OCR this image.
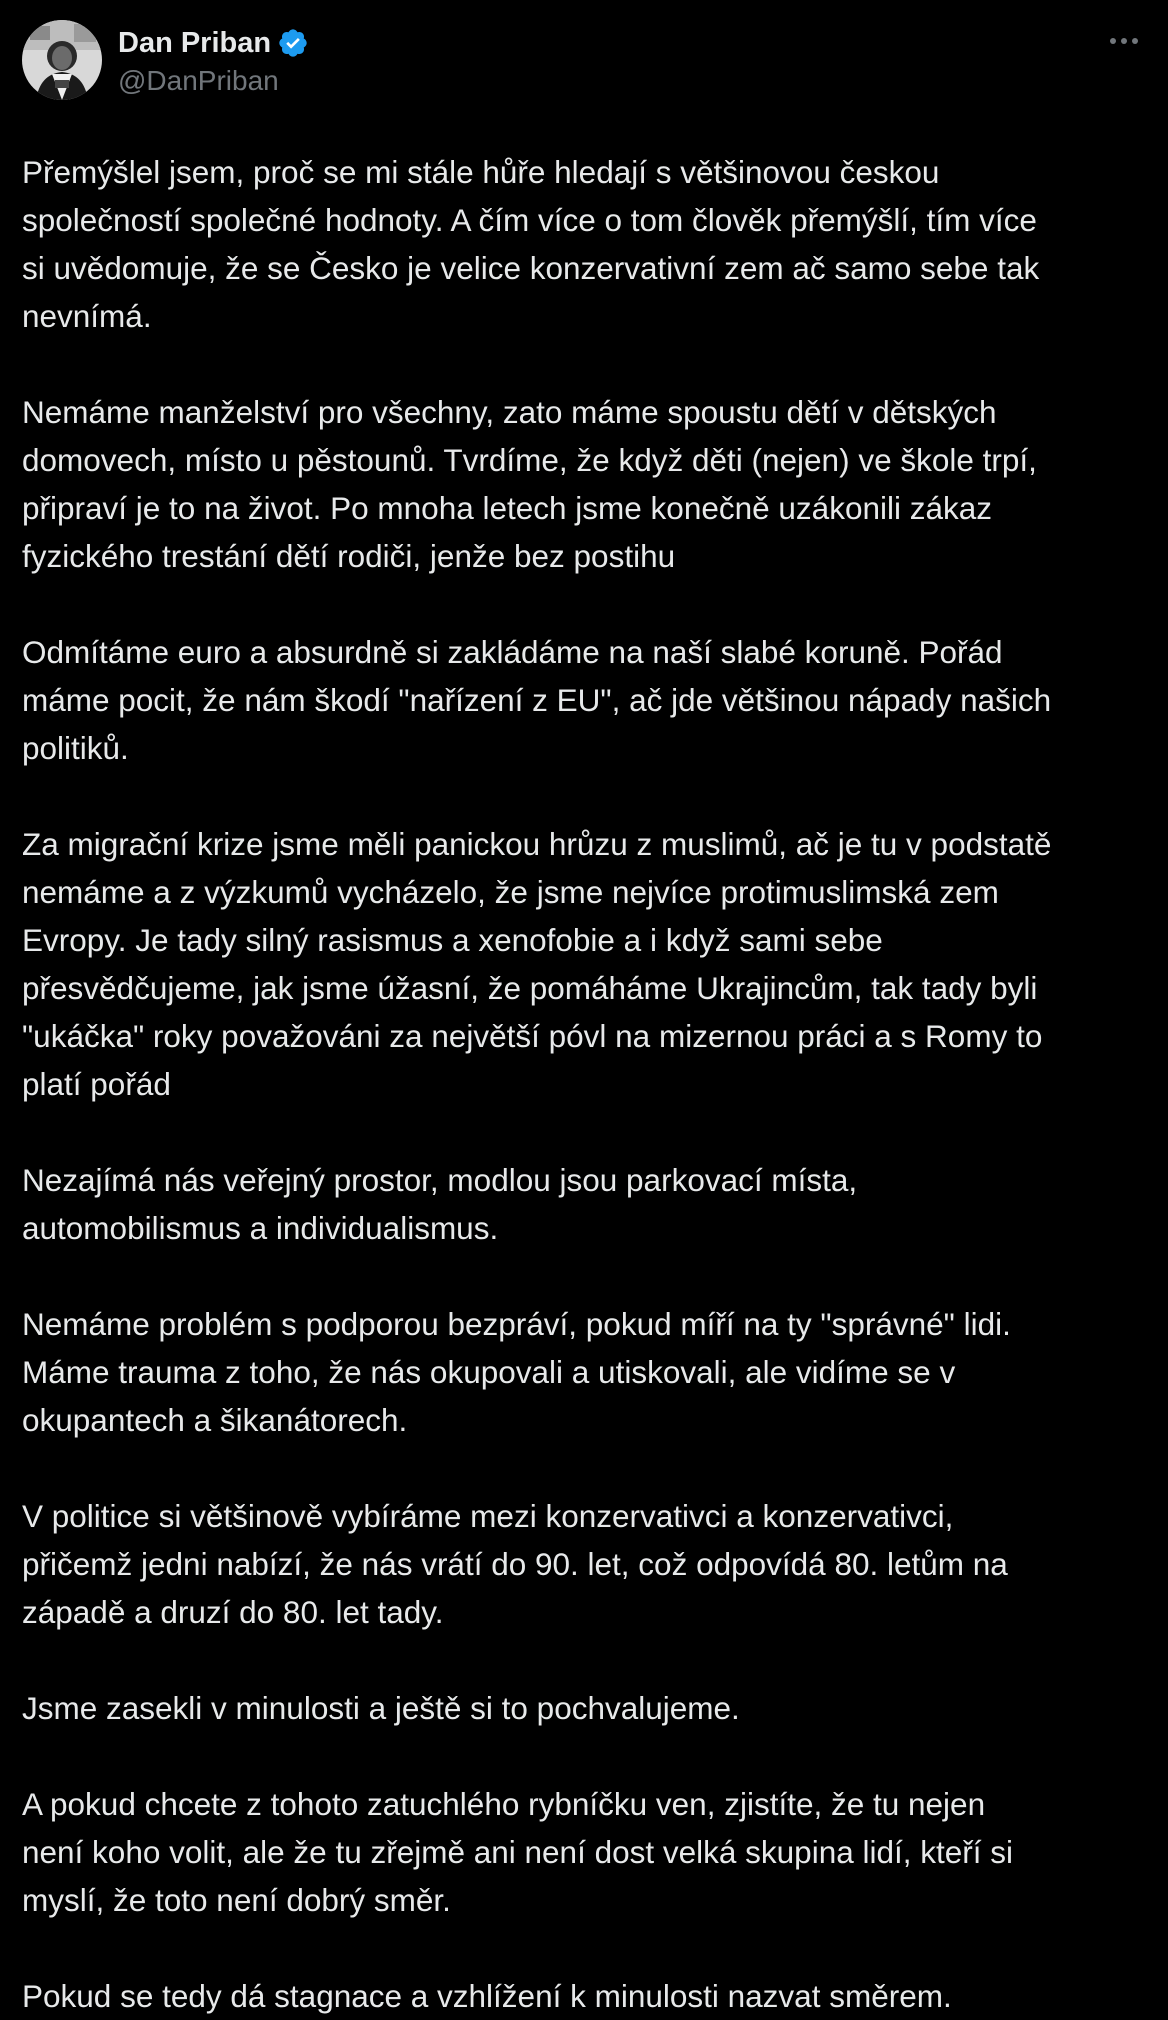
Dan Priban
@DanPriban

Přemýšlel jsem, proč se mi stále hůře hledají s většinovou českou
společností společné hodnoty. A čím více o tom člověk přemýšlí, tím více
si uvědomuje, že se Česko je velice konzervativní zem ač samo sebe tak
nevnímá.

Nemáme manželství pro všechny, zato máme spoustu dětí v dětských
domovech, místo u pěstounů. Tvrdíme, že když děti (nejen) ve škole trpí,
připraví je to na život. Po mnoha letech jsme konečně uzákonili zákaz
fyzického trestání dětí rodiči, jenže bez postihu

Odmítáme euro a absurdně si zakládáme na naší slabé koruně. Pořád
máme pocit, že nám škodí "nařízení z EU", ač jde většinou nápady našich
politiků.

Za migrační krize jsme měli panickou hrůzu z muslimů, ač je tu v podstatě
nemáme a z výzkumů vycházelo, že jsme nejvíce protimuslimská zem
Evropy. Je tady silný rasismus a xenofobie a i když sami sebe
přesvědčujeme, jak jsme úžasní, že pomáháme Ukrajincům, tak tady byli
"ukáčka" roky považováni za největší póvl na mizernou práci a s Romy to
platí pořád

Nezajímá nás veřejný prostor, modlou jsou parkovací místa,
automobilismus a individualismus.

Nemáme problém s podporou bezpráví, pokud míří na ty "správné" lidi.
Máme trauma z toho, že nás okupovali a utiskovali, ale vidíme se v
okupantech a šikanátorech.

V politice si většinově vybíráme mezi konzervativci a konzervativci,
přičemž jedni nabízí, že nás vrátí do 90. let, což odpovídá 80. letům na
západě a druzí do 80. let tady.

Jsme zasekli v minulosti a ještě si to pochvalujeme.

A pokud chcete z tohoto zatuchlého rybníčku ven, zjistíte, že tu nejen
není koho volit, ale že tu zřejmě ani není dost velká skupina lidí, kteří si
myslí, že toto není dobrý směr.

Pokud se tedy dá stagnace a vzhlížení k minulosti nazvat směrem.
